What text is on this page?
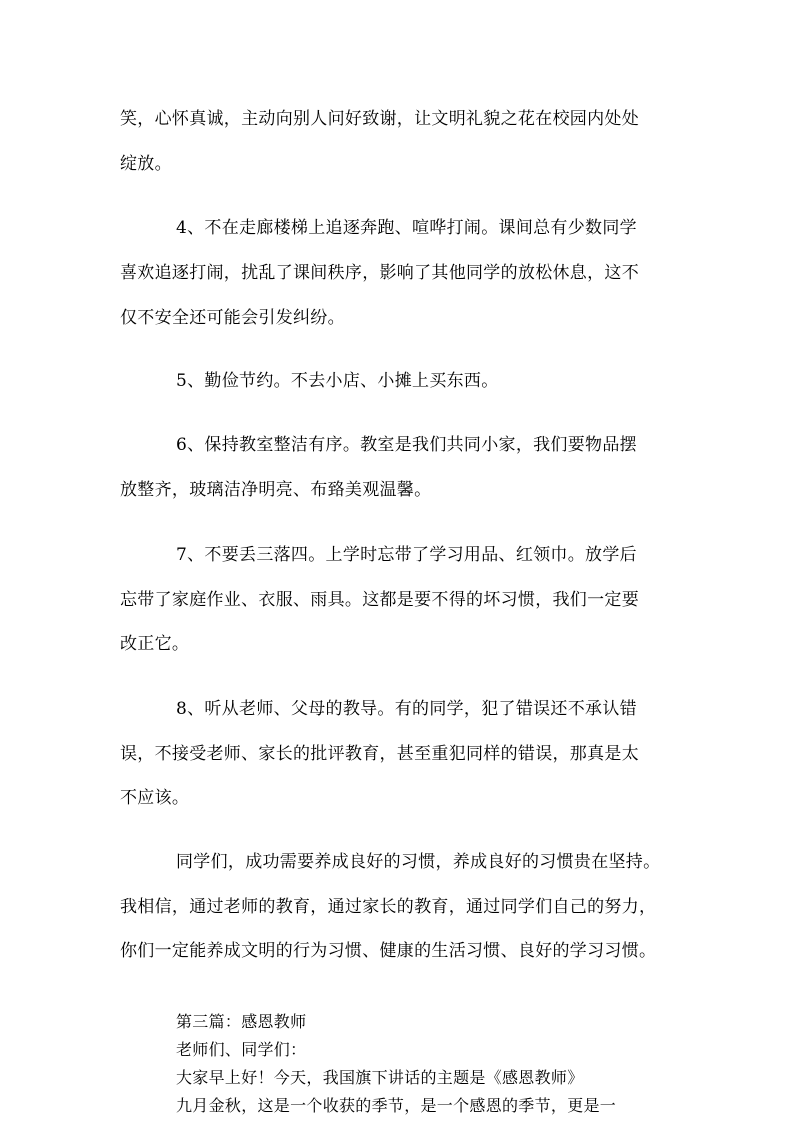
笑，心怀真诚，主动向别人问好致谢，让文明礼貌之花在校园内处处
绽放。
4、不在走廊楼梯上追逐奔跑、喧哗打闹。课间总有少数同学
喜欢追逐打闹，扰乱了课间秩序，影响了其他同学的放松休息，这不
仅不安全还可能会引发纠纷。
5、勤俭节约。不去小店、小摊上买东西。
6、保持教室整洁有序。教室是我们共同小家，我们要物品摆
放整齐，玻璃洁净明亮、布臵美观温馨。
7、不要丢三落四。上学时忘带了学习用品、红领巾。放学后
忘带了家庭作业、衣服、雨具。这都是要不得的坏习惯，我们一定要
改正它。
8、听从老师、父母的教导。有的同学，犯了错误还不承认错
误，不接受老师、家长的批评教育，甚至重犯同样的错误，那真是太
不应该。
同学们，成功需要养成良好的习惯，养成良好的习惯贵在坚持。
我相信，通过老师的教育，通过家长的教育，通过同学们自己的努力，
你们一定能养成文明的行为习惯、健康的生活习惯、良好的学习习惯。
第三篇：感恩教师
老师们、同学们：
大家早上好！今天，我国旗下讲话的主题是《感恩教师》
九月金秋，这是一个收获的季节，是一个感恩的季节，更是一
